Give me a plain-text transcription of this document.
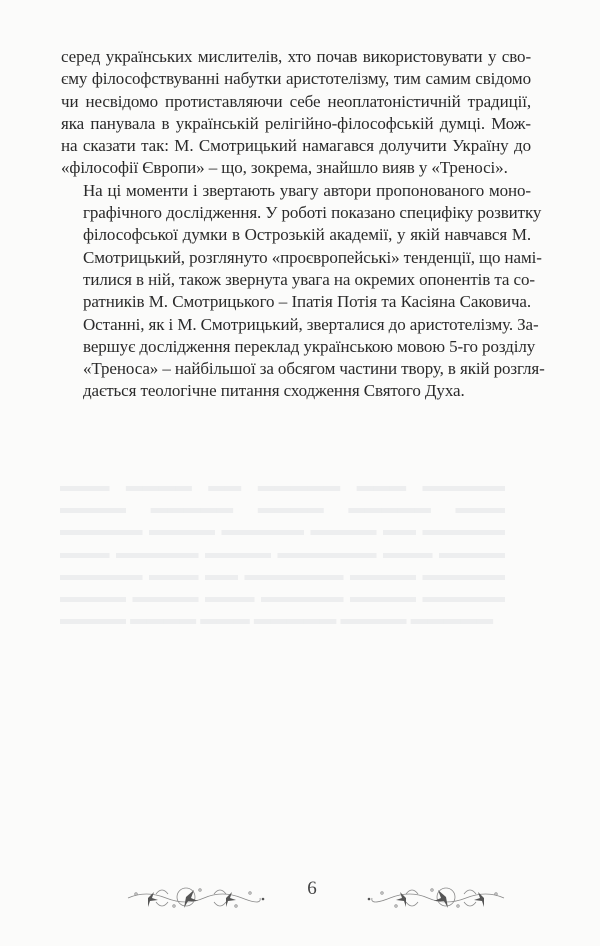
▬▬▬ ▬▬▬▬ ▬▬ ▬▬▬▬▬ ▬▬▬ ▬▬▬▬▬ ▬▬▬▬ ▬▬▬▬▬ ▬▬▬▬ ▬▬▬▬▬ ▬▬▬ ▬▬▬▬▬ ▬▬▬▬ ▬▬▬▬▬ ▬▬▬▬ ▬▬ ▬▬▬▬▬ ▬▬▬ ▬▬▬▬▬ ▬▬▬▬ ▬▬▬▬▬▬ ▬▬▬ ▬▬▬▬ ▬▬▬▬▬ ▬▬▬ ▬▬ ▬▬▬▬▬▬ ▬▬▬▬ ▬▬▬▬▬ ▬▬▬▬ ▬▬▬▬ ▬▬▬ ▬▬▬▬▬ ▬▬▬▬ ▬▬▬▬▬ ▬▬▬▬ ▬▬▬▬ ▬▬▬ ▬▬▬▬▬ ▬▬▬▬ ▬▬▬▬▬

серед українських мислителів, хто почав використовувати у сво-
єму філософствуванні набутки аристотелізму, тим самим свідомо
чи несвідомо протиставляючи себе неоплатоністичній традиції,
яка панувала в українській релігійно-філософській думці. Мож-
на сказати так: М. Смотрицький намагався долучити Україну до
«філософії Європи» – що, зокрема, знайшло вияв у «Треносі».

На ці моменти і звертають увагу автори пропонованого моно-
графічного дослідження. У роботі показано специфіку розвитку
філософської думки в Острозькій академії, у якій навчався М.
Смотрицький, розглянуто «проєвропейські» тенденції, що намі-
тилися в ній, також звернута увага на окремих опонентів та со-
ратників М. Смотрицького – Іпатія Потія та Касіяна Саковича.
Останні, як і М. Смотрицький, зверталися до аристотелізму. За-
вершує дослідження переклад українською мовою 5-го розділу
«Треноса» – найбільшої за обсягом частини твору, в якій розгля-
дається теологічне питання сходження Святого Духа.

6
